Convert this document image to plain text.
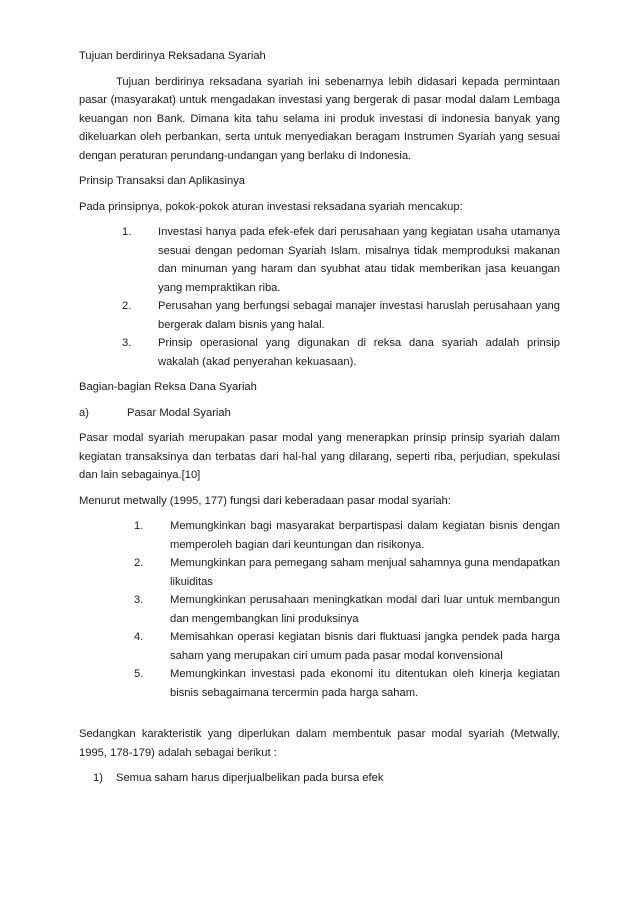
Tujuan berdirinya Reksadana Syariah

Tujuan berdirinya reksadana syariah ini sebenarnya lebih didasari kepada permintaan pasar (masyarakat) untuk mengadakan investasi yang bergerak di pasar modal dalam Lembaga keuangan non Bank. Dimana kita tahu selama ini produk investasi di indonesia banyak yang dikeluarkan oleh perbankan, serta untuk menyediakan beragam Instrumen Syariah yang sesuai dengan peraturan perundang-undangan yang berlaku di Indonesia.

Prinsip Transaksi dan Aplikasinya

Pada prinsipnya, pokok-pokok aturan investasi reksadana syariah mencakup:

1. Investasi hanya pada efek-efek dari perusahaan yang kegiatan usaha utamanya sesuai dengan pedoman Syariah Islam. misalnya tidak memproduksi makanan dan minuman yang haram dan syubhat atau tidak memberikan jasa keuangan yang mempraktikan riba.
2. Perusahan yang berfungsi sebagai manajer investasi haruslah perusahaan yang bergerak dalam bisnis yang halal.
3. Prinsip operasional yang digunakan di reksa dana syariah adalah prinsip wakalah (akad penyerahan kekuasaan).

Bagian-bagian Reksa Dana Syariah

a)	Pasar Modal Syariah

Pasar modal syariah merupakan pasar modal yang menerapkan prinsip prinsip syariah dalam kegiatan transaksinya dan terbatas dari hal-hal yang dilarang, seperti riba, perjudian, spekulasi dan lain sebagainya.[10]

Menurut metwally (1995, 177) fungsi dari keberadaan pasar modal syariah:

1. Memungkinkan bagi masyarakat berpartispasi dalam kegiatan bisnis dengan memperoleh bagian dari keuntungan dan risikonya.
2. Memungkinkan para pemegang saham menjual sahamnya guna mendapatkan likuiditas
3. Memungkinkan perusahaan meningkatkan modal dari luar untuk membangun dan mengembangkan lini produksinya
4. Memisahkan operasi kegiatan bisnis dari fluktuasi jangka pendek pada harga saham yang merupakan ciri umum pada pasar modal konvensional
5. Memungkinkan investasi pada ekonomi itu ditentukan oleh kinerja kegiatan bisnis sebagaimana tercermin pada harga saham.

Sedangkan karakteristik yang diperlukan dalam membentuk pasar modal syariah (Metwally, 1995, 178-179) adalah sebagai berikut :

1)	Semua saham harus diperjualbelikan pada bursa efek
